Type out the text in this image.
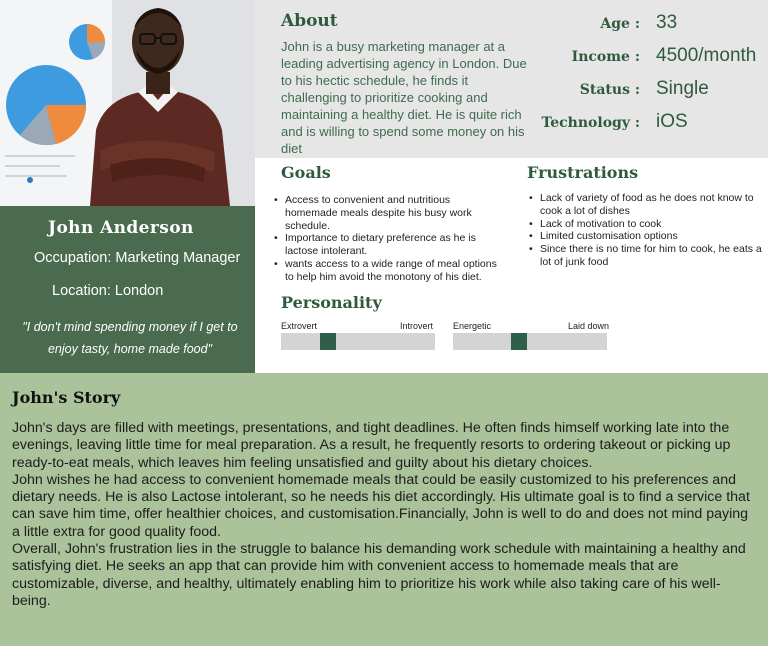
John Anderson
Occupation: Marketing Manager
Location: London
"I don't mind spending money if I get to enjoy tasty, home made food"
About
John is a busy marketing manager at a leading advertising agency in London. Due to his hectic schedule, he finds it challenging to prioritize cooking and maintaining a healthy diet. He is quite rich and is willing to spend some money on his diet
Age : 33
Income : 4500/month
Status : Single
Technology : iOS
Goals
• Access to convenient and nutritious homemade meals despite his busy work schedule.
• Importance to dietary preference as he is lactose intolerant.
• wants access to a wide range of meal options to help him avoid the monotony of his diet.
Frustrations
• Lack of variety of food as he does not know to cook a lot of dishes
• Lack of motivation to cook
• Limited customisation options
• Since there is no time for him to cook, he eats a lot of junk food
Personality
Extrovert	Introvert Energetic	Laid down
John's Story

John's days are filled with meetings, presentations, and tight deadlines. He often finds himself working late into the evenings, leaving little time for meal preparation. As a result, he frequently resorts to ordering takeout or picking up ready-to-eat meals, which leaves him feeling unsatisfied and guilty about his dietary choices.

John wishes he had access to convenient homemade meals that could be easily customized to his preferences and dietary needs. He is also Lactose intolerant, so he needs his diet accordingly. His ultimate goal is to find a service that can save him time, offer healthier choices, and customisation.Financially, John is well to do and does not mind paying a little extra for good quality food.

Overall, John's frustration lies in the struggle to balance his demanding work schedule with maintaining a healthy and satisfying diet. He seeks an app that can provide him with convenient access to homemade meals that are customizable, diverse, and healthy, ultimately enabling him to prioritize his work while also taking care of his well-being.
